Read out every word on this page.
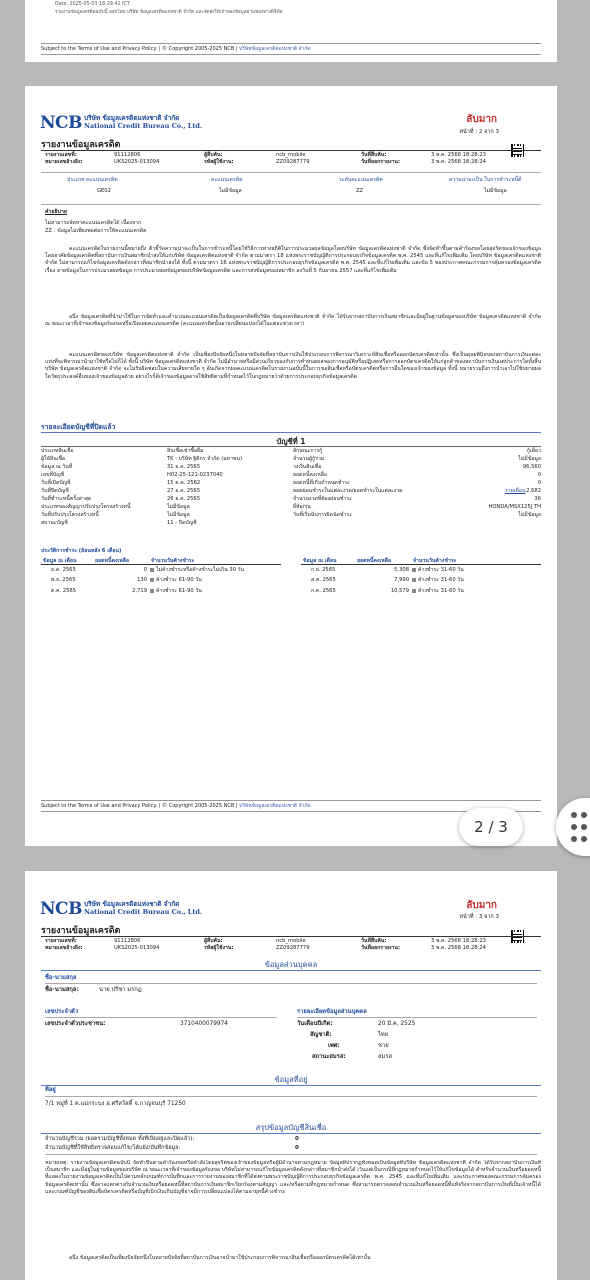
Date: 2025-05-03 18:29:41 ICT
รายงานข้อมูลเครดิตฉบับนี้ ออกโดย บริษัท ข้อมูลเครดิตแห่งชาติ จำกัด และจัดส่งให้เจ้าของข้อมูลผ่านช่องทางดิจิทัล
Subject to the Terms of Use and Privacy Policy. | © Copyright 2005-2025 NCB | บริษัทข้อมูลเครดิตแห่งชาติ จำกัด
NCB บริษัท ข้อมูลเครดิตแห่งชาติ จำกัด
National Credit Bureau Co., Ltd.
ลับมาก
หน้าที่ : 2 จาก 3
รายงานข้อมูลเครดิต
รายงานเลขที่:	91112806
หมายเลขอ้างอิง:	UKS2025-013094
ผู้สืบค้น:	ncb_mobile
รหัสผู้ใช้งาน:	ZZ09287779
วันที่สืบค้น:	3 พ.ค. 2568 18:28:23
วันที่ออกรายงาน:	3 พ.ค. 2568 18:28:24
ประเภท คะแนนเครดิต	คะแนนเครดิต	ระดับคะแนนเครดิต	ความน่าจะเป็น ในการชำระหนี้ดี
GE02	ไม่มีข้อมูล	ZZ	ไม่มีข้อมูล
คำอธิบาย
ไม่สามารถจัดหาคะแนนเครดิตได้ เนื่องจาก
ZZ : ข้อมูลไม่เพียงพอต่อการให้คะแนนเครดิต
คะแนนเครดิตในรายงานนี้หมายถึง ตัวชี้วัดความน่าจะเป็นในการชำระหนี้โดยใช้วิธีการทางสถิติในการประมวลผลข้อมูลโดยบริษัท ข้อมูลเครดิตแห่งชาติ จำกัด ซึ่งจัดทำขึ้นตามคำร้องขอโดยสุจริตของเจ้าของข้อมูล โดยอาศัยข้อมูลเครดิตที่สถาบันการเงินสมาชิกนำส่งให้แก่บริษัท ข้อมูลเครดิตแห่งชาติ จำกัด ตามมาตรา 18 แห่งพระราชบัญญัติการประกอบธุรกิจข้อมูลเครดิต พ.ศ. 2545 และที่แก้ไขเพิ่มเติม โดยบริษัท ข้อมูลเครดิตแห่งชาติ จำกัด ไม่สามารถแก้ไขข้อมูลเครดิตดังกล่าวที่สมาชิกนำส่งได้ ทั้งนี้ ตามมาตรา 16 แห่งพระราชบัญญัติการประกอบธุรกิจข้อมูลเครดิต พ.ศ. 2545 และที่แก้ไขเพิ่มเติม และข้อ 5 ของประกาศคณะกรรมการคุ้มครองข้อมูลเครดิต เรื่อง ลายข้อมูลในการประมวลผลข้อมูล การประมวลผลข้อมูลของบริษัทข้อมูลเครดิต และการส่งข้อมูลของสมาชิก ลงวันที่ 5 กันยายน 2557 และที่แก้ไขเพิ่มเติม
อนึ่ง ข้อมูลเครดิตที่นำมาใช้ในการจัดทำและคำนวณคะแนนเครดิตเป็นข้อมูลเครดิตที่บริษัท ข้อมูลเครดิตแห่งชาติ จำกัด ได้รับจากสถาบันการเงินสมาชิกและมีอยู่ในฐานข้อมูลของบริษัท ข้อมูลเครดิตแห่งชาติ จำกัด ณ ขณะเวลาที่เจ้าของข้อมูลร้องขอหรือเปิดเผยคะแนนเครดิต (คะแนนเครดิตนั้นอาจเปลี่ยนแปลงได้ในแต่ละช่วงเวลา)
คะแนนเครดิตของบริษัท ข้อมูลเครดิตแห่งชาติ จำกัด เป็นเพียงปัจจัยหนึ่งในหลายปัจจัยที่สถาบันการเงินใช้ประกอบการพิจารณาวิเคราะห์สินเชื่อหรือออกบัตรเครดิตเท่านั้น ซึ่งเป็นดุลยพินิจของสถาบันการเงินแต่ละแห่งที่จะพิจารณานำมาใช้หรือไม่ก็ได้ ทั้งนี้ บริษัท ข้อมูลเครดิตแห่งชาติ จำกัด ไม่มีอำนาจหรือมีส่วนเกี่ยวของกับการทำหนดผลของการอนุมัติหรือปฏิเสธหรือการออกบัตรเครดิตให้แก่ลูกค้าของสถาบันการเงินแต่ประการใดทั้งสิ้น บริษัท ข้อมูลเครดิตแห่งชาติ จำกัด จะไม่รับผิดชอบในความเสียหายใด ๆ อันเกิดจากผลคะแนนเครดิตในรายงานฉบับนี้ในการขอสินเชื่อหรือบัตรเครดิตหรือการอื่นใดของเจ้าของข้อมูล ทั้งนี้ หมายรวมถึงการนำเอาไปใช้ขยายผลใดวัตถุประสงค์อื่นของเจ้าของข้อมูลด้วย อย่างไรก็ดีเจ้าของข้อมูลอาจใช้สิทธิตามที่กำหนดไว้ในกฎหมายว่าด้วยการประกอบธุรกิจข้อมูลเครดิต
รายละเอียดบัญชีที่ปิดแล้ว
บัญชีที่ 1
ประเภทสินเชื่อ	สินเชื่อเช่าซื้อยืม
ผู้ให้สินเชื่อ	TK - บริษัท ฐิติกร จำกัด (มหาชน)
ข้อมูล ณ วันที่	31 ธ.ค. 2565
เลขที่บัญชี	H02-25-121-0237040
วันที่เปิดบัญชี	15 ต.ค. 2562
วันที่ปิดบัญชี	27 ธ.ค. 2565
วันที่ชำระหนี้ครั้งล่าสุด	26 ธ.ค. 2565
ประเภทของสัญญาปรับปรุงโครงสร้างหนี้	ไม่มีข้อมูล
วันที่ปรับปรุงโครงสร้างหนี้	ไม่มีข้อมูล
สถานะบัญชี	11 - ปิดบัญชี
ลักษณะการกู้	กู้เดี่ยว
จำนวนผู้กู้ร่วม	ไม่มีข้อมูล
วงเงินสินเชื่อ	96,560
ยอดหนี้คงเหลือ	0
ยอดหนี้ที่เกินกำหนดชำระ	0
ยอดผ่อนชำระในแต่ละงวด/ยอดชำระในแต่ละงวด	รายเดือน 2,682
จำนวนงวดที่ต้องผ่อนชำระ	36
ยี่ห้อ/รุ่น	HONDA/MSX125J TH
วันที่เริ่มนับการผิดนัดชำระ	ไม่มีข้อมูล
ประวัติการชำระ (ย้อนหลัง 6 เดือน)
ข้อมูล ณ เดือน	ยอดหนี้คงเหลือ	จำนวนวันค้างชำระ
ธ.ค. 2565	0	ไม่ค้างชำระหรือค้างชำระไม่เกิน 30 วัน
พ.ย. 2565	130	ค้างชำระ 61-90 วัน
ต.ค. 2565	2,719	ค้างชำระ 61-90 วัน
ข้อมูล ณ เดือน	ยอดหนี้คงเหลือ	จำนวนวันค้างชำระ
ก.ย. 2565	5,308	ค้างชำระ 31-60 วัน
ส.ค. 2565	7,990	ค้างชำระ 31-60 วัน
ก.ค. 2565	10,579	ค้างชำระ 31-60 วัน
Subject to the Terms of Use and Privacy Policy. | © Copyright 2005-2025 NCB | บริษัทข้อมูลเครดิตแห่งชาติ จำกัด
NCB บริษัท ข้อมูลเครดิตแห่งชาติ จำกัด
National Credit Bureau Co., Ltd.
ลับมาก
หน้าที่ : 3 จาก 3
รายงานข้อมูลเครดิต
รายงานเลขที่:	91112806
หมายเลขอ้างอิง:	UKS2025-013094
ผู้สืบค้น:	ncb_mobile
รหัสผู้ใช้งาน:	ZZ09287779
วันที่สืบค้น:	3 พ.ค. 2568 18:28:23
วันที่ออกรายงาน:	3 พ.ค. 2568 18:28:24
ข้อมูลส่วนบุคคล
ชื่อ-นามสกุล
ชื่อ-นามสกุล:	นาย ปรีชา มรกฎ
เลขประจำตัว
เลขประจำตัวประชาชน:	3710400079974
รายละเอียดข้อมูลส่วนบุคคล
วันเดือนปีเกิด:	20 มี.ค. 2525
สัญชาติ:	ไทย
เพศ:	ชาย
สถานะสมรส:	สมรส
ข้อมูลที่อยู่
ที่อยู่
7/1 หมู่ที่ 1 ต.แม่กระบุง อ.ศรีสวัสดิ์ จ.กาญจนบุรี 71250
สรุปข้อมูลบัญชีสินเชื่อ
จำนวนบัญชีรวม (ยอดรวมบัญชีทั้งหมด ทั้งที่เปิดอยู่และปิดแล้ว):	0
จำนวนบัญชีที่ใช้สิทธิตรวจสอบแก้ไข/โต้แย้ง/บันทึกข้อมูล:	0
หมายเหตุ: รายงานข้อมูลเครดิตฉบับนี้ จัดทำขึ้นตามคำร้องขอหรือคำสั่งโดยสุจริตของเจ้าของข้อมูลหรือผู้มีอำนาจตามกฎหมาย ข้อมูลที่ปรากฏทั้งหมดเป็นข้อมูลที่บริษัท ข้อมูลเครดิตแห่งชาติ จำกัด ได้รับจากสถาบันการเงินที่เป็นสมาชิก และมีอยู่ในฐานข้อมูลของบริษัท ณ ขณะเวลาที่เจ้าของข้อมูลร้องขอ บริษัทไม่สามารถแก้ไขข้อมูลเครดิตดังกล่าวที่สมาชิกนำส่งได้ เว้นแต่เป็นกรณีที่กฎหมายกำหนดไว้ให้แก้ไขข้อมูลได้ สำหรับจำนวนเงินหรือยอดหนี้ที่แสดงในรายงานข้อมูลเครดิตเป็นไปตามหลักเกณฑ์การบันทึกและการรายงานของสมาชิกที่ได้ส่งตามพระราชบัญญัติการประกอบธุรกิจข้อมูลเครดิต พ.ศ. 2545 และที่แก้ไขเพิ่มเติม และประกาศของคณะกรรมการคุ้มครองข้อมูลเครดิตเท่านั้น ซึ่งอาจแตกต่างกับจำนวนเงินหรือยอดหนี้ที่สถาบันการเงินสมาชิกเรียกร้องตามสัญญา และ/หรือตามที่กฎหมายกำหนด ซึ่งสามารถตรวจสอบจำนวนเงินหรือยอดหนี้ที่แท้จริงจากสถาบันการเงินที่เป็นเจ้าหนี้ได้ และเกณฑ์บัญชีของสินเชื่อบัตรเครดิตหรือบัญชีเบิกเงินเกินบัญชีอาจมีการเปลี่ยนแปลงได้ตามอายุหนี้ค้างชำระ
อนึ่ง ข้อมูลเครดิตเป็นเพียงปัจจัยหนึ่งในหลายปัจจัยที่สถาบันการเงินอาจนำมาใช้ประกอบการพิจารณาสินเชื่อหรือออกบัตรเครดิตได้เท่านั้น
2 / 3
